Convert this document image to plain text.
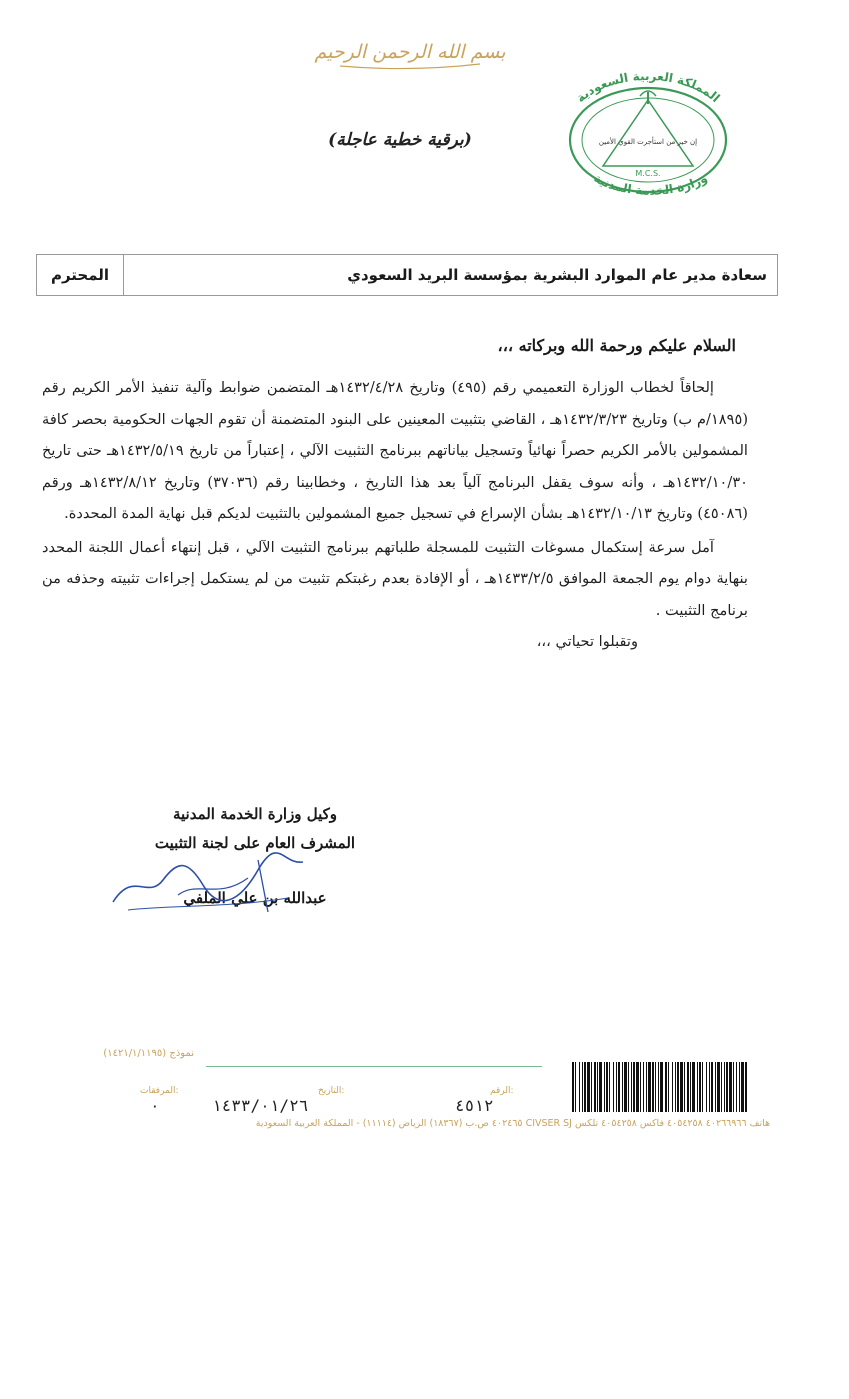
بسم الله الرحمن الرحيم
المملكة العربية السعودية
وزارة الخدمة المدنية
إن خير من استأجرت القوي الأمين
M.C.S.
(برقية خطية عاجلة)
سعادة مدير عام الموارد البشرية بمؤسسة البريد السعودي
المحترم
السلام عليكم ورحمة الله وبركاته ،،،

إلحاقاً لخطاب الوزارة التعميمي رقم (٤٩٥) وتاريخ ١٤٣٢/٤/٢٨هـ المتضمن ضوابط وآلية تنفيذ الأمر الكريم رقم (١٨٩٥/م ب) وتاريخ ١٤٣٢/٣/٢٣هـ ، القاضي بتثبيت المعينين على البنود المتضمنة أن تقوم الجهات الحكومية بحصر كافة المشمولين بالأمر الكريم حصراً نهائياً وتسجيل بياناتهم ببرنامج التثبيت الآلي ، إعتباراً من تاريخ ١٤٣٢/٥/١٩هـ حتى تاريخ ١٤٣٢/١٠/٣٠هـ ، وأنه سوف يقفل البرنامج آلياً بعد هذا التاريخ ، وخطابينا رقم (٣٧٠٣٦) وتاريخ ١٤٣٢/٨/١٢هـ ورقم (٤٥٠٨٦) وتاريخ ١٤٣٢/١٠/١٣هـ بشأن الإسراع في تسجيل جميع المشمولين بالتثبيت لديكم قبل نهاية المدة المحددة.

آمل سرعة إستكمال مسوغات التثبيت للمسجلة طلباتهم ببرنامج التثبيت الآلي ، قبل إنتهاء أعمال اللجنة المحدد بنهاية دوام يوم الجمعة الموافق ١٤٣٣/٢/٥هـ ، أو الإفادة بعدم رغبتكم تثبيت من لم يستكمل إجراءات تثبيته وحذفه من برنامج التثبيت .

وتقبلوا تحياتي ،،،

وكيل وزارة الخدمة المدنية
المشرف العام على لجنة التثبيت
عبدالله بن علي الملفي
نموذج (١٤٢١/١/١١٩٥)
الرقم:
٤٥١٢
التاريخ:
١٤٣٣/٠١/٢٦
المرفقات:
٠
هاتف ٤٠٢٦٦٩٦٦ ٤٠٥٤٢٥٨ فاكس ٤٠٥٤٢٥٨ تلكس CIVSER SJ ٤٠٢٤٦٥ ص.ب (١٨٣٦٧) الرياض (١١١١٤) - المملكة العربية السعودية
